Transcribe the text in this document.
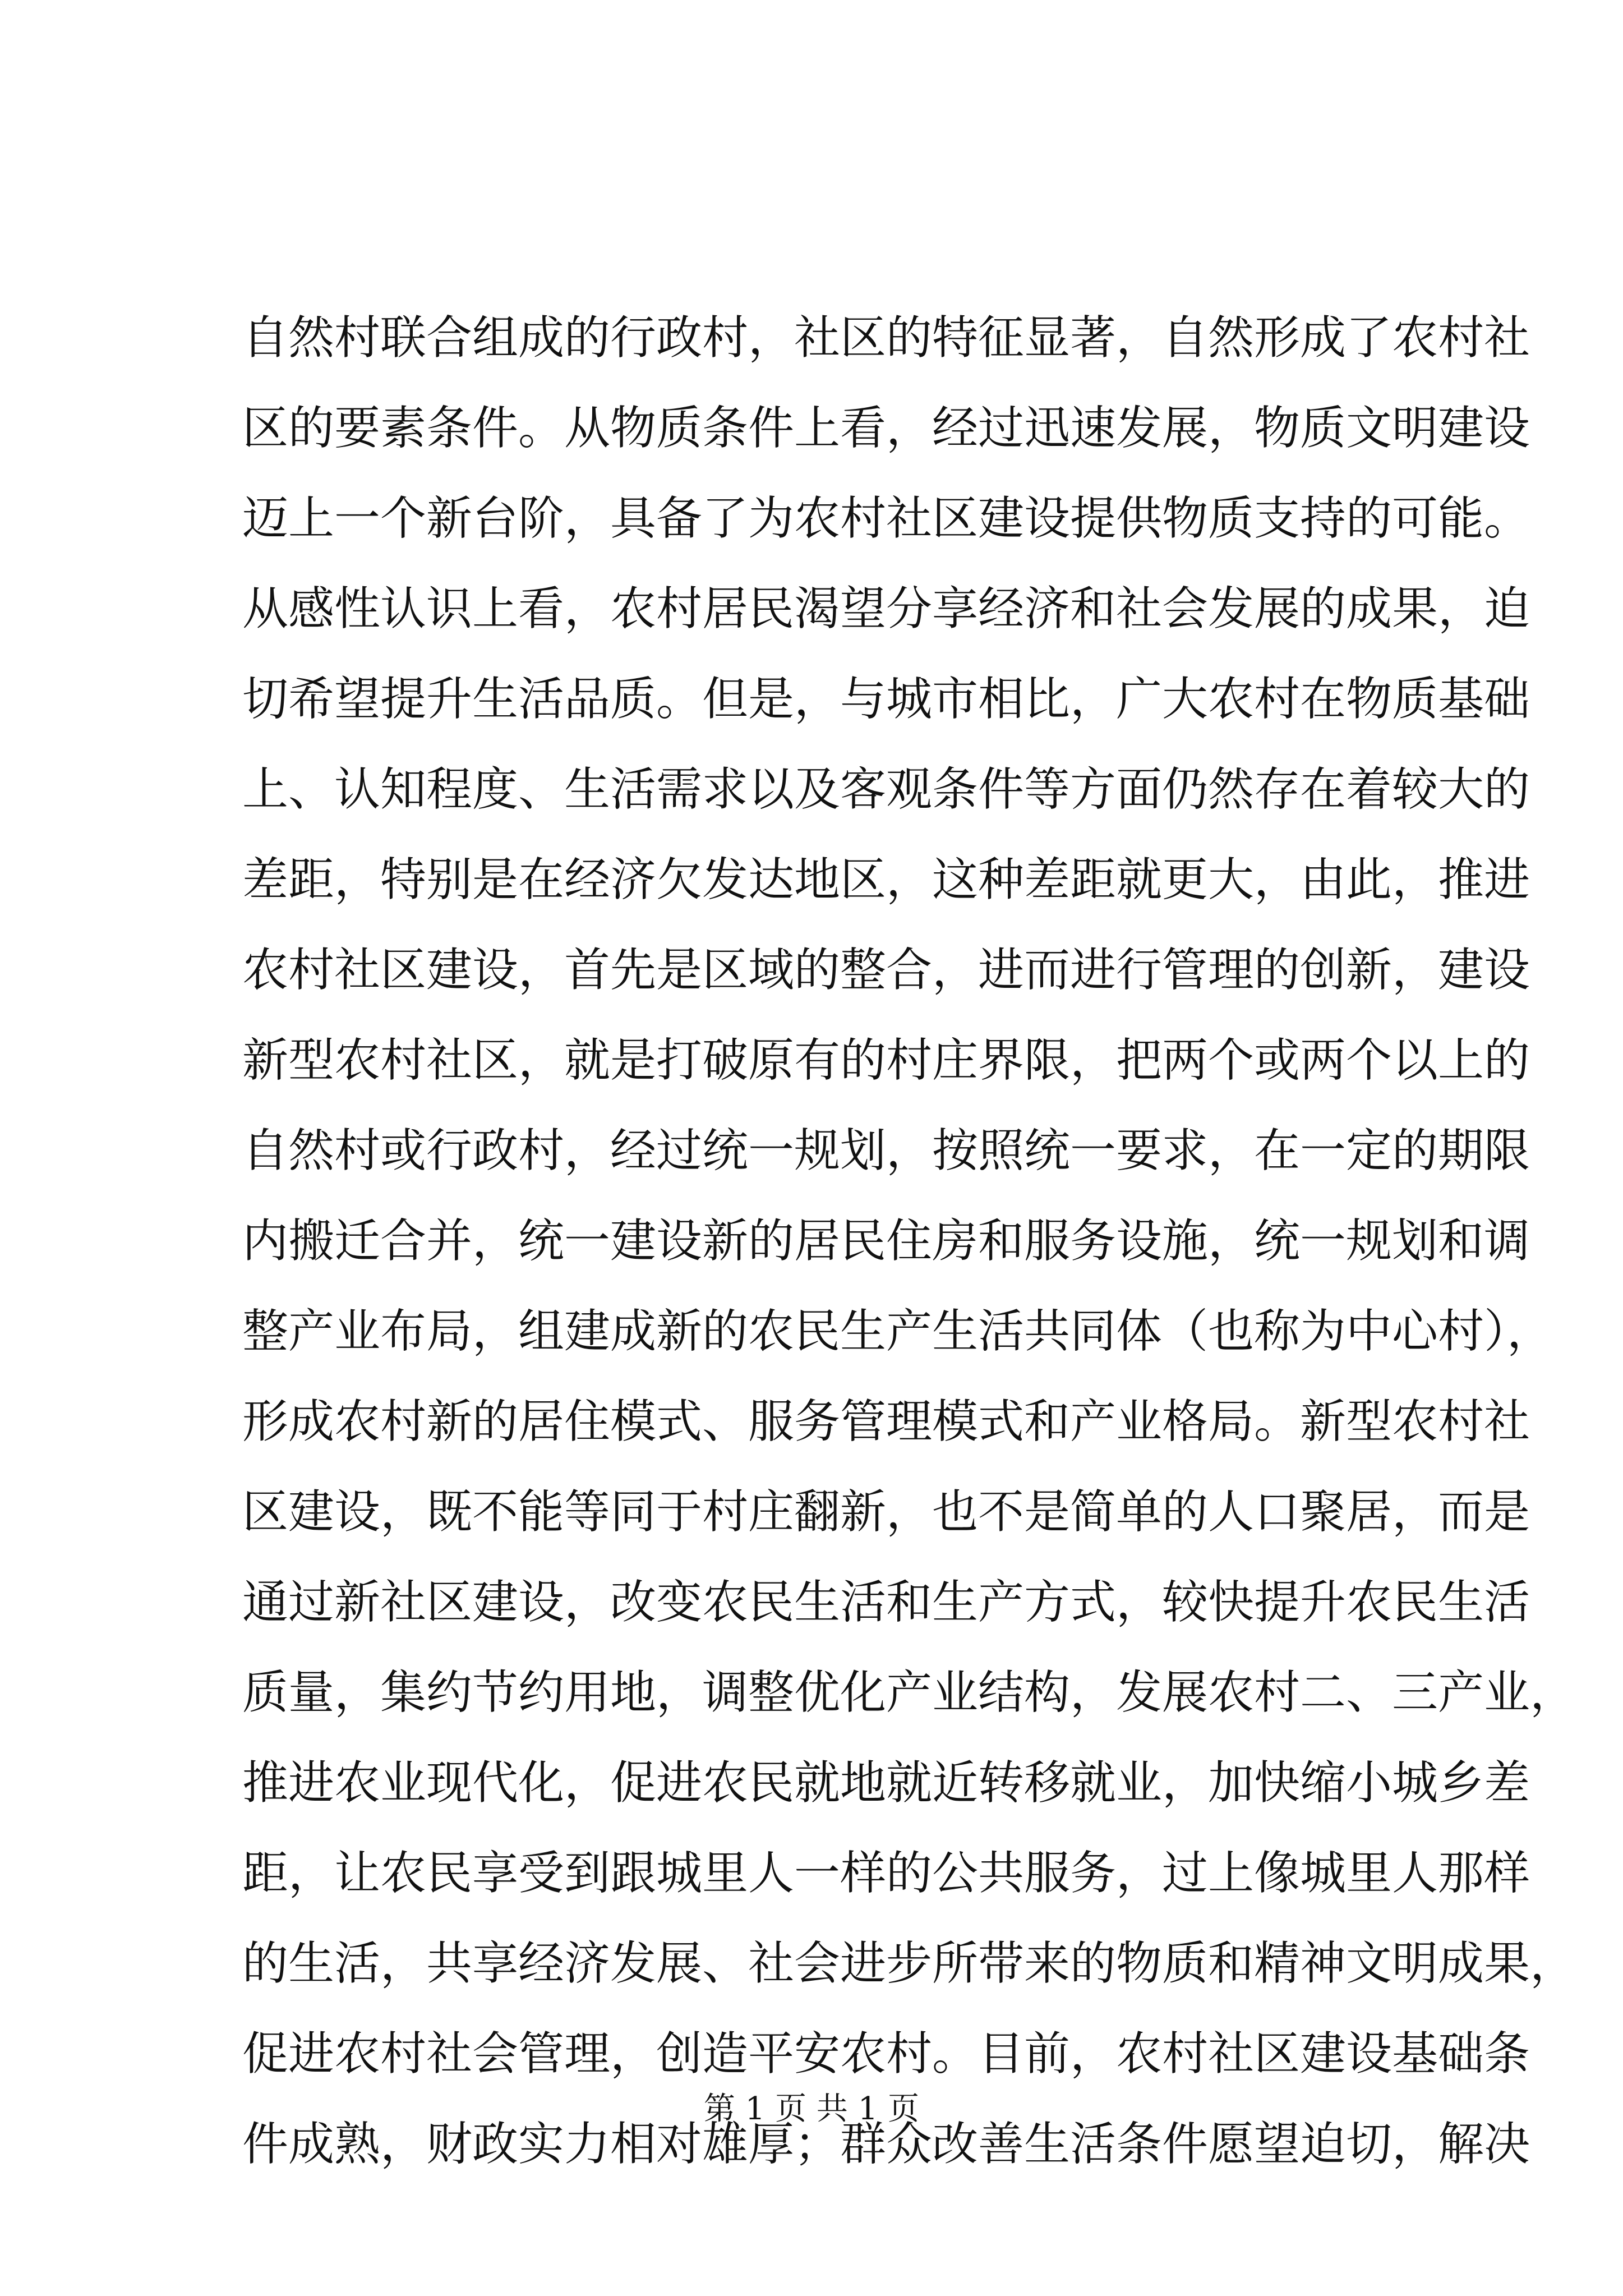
自然村联合组成的行政村，社区的特征显著，自然形成了农村社
区的要素条件。从物质条件上看，经过迅速发展，物质文明建设
迈上一个新台阶，具备了为农村社区建设提供物质支持的可能。
从感性认识上看，农村居民渴望分享经济和社会发展的成果，迫
切希望提升生活品质。但是，与城市相比，广大农村在物质基础
上、认知程度、生活需求以及客观条件等方面仍然存在着较大的
差距，特别是在经济欠发达地区，这种差距就更大，由此，推进
农村社区建设，首先是区域的整合，进而进行管理的创新，建设
新型农村社区，就是打破原有的村庄界限，把两个或两个以上的
自然村或行政村，经过统一规划，按照统一要求，在一定的期限
内搬迁合并，统一建设新的居民住房和服务设施，统一规划和调
整产业布局，组建成新的农民生产生活共同体（也称为中心村），
形成农村新的居住模式、服务管理模式和产业格局。新型农村社
区建设，既不能等同于村庄翻新，也不是简单的人口聚居，而是
通过新社区建设，改变农民生活和生产方式，较快提升农民生活
质量，集约节约用地，调整优化产业结构，发展农村二、三产业，
推进农业现代化，促进农民就地就近转移就业，加快缩小城乡差
距，让农民享受到跟城里人一样的公共服务，过上像城里人那样
的生活，共享经济发展、社会进步所带来的物质和精神文明成果，
促进农村社会管理，创造平安农村。目前，农村社区建设基础条
件成熟，财政实力相对雄厚；群众改善生活条件愿望迫切，解决
第 1 页 共 1 页
